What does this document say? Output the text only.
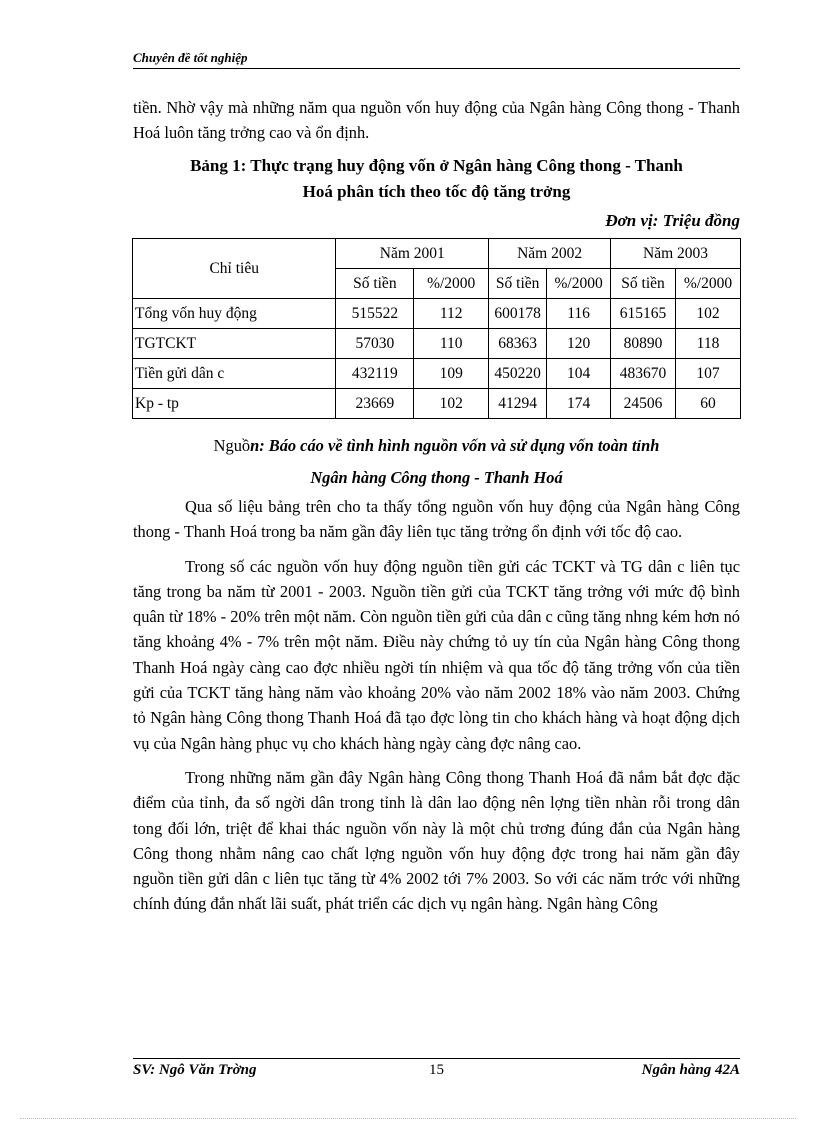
Chuyên đề tốt nghiệp

tiền. Nhờ vậy mà những năm qua nguồn vốn huy động của Ngân hàng Công thong - Thanh Hoá luôn tăng trởng cao và ổn định.

Bảng 1: Thực trạng huy động vốn ở Ngân hàng Công thong - Thanh
Hoá phân tích theo tốc độ tăng trởng
Đơn vị: Triệu đồng
Chỉ tiêu	Năm 2001		Năm 2002		Năm 2003	
	Số tiền	%/2000	Số tiền	%/2000	Số tiền	%/2000
Tổng vốn huy động	515522	112	600178	116	615165	102
TGTCKT	57030	110	68363	120	80890	118
Tiền gửi dân c	432119	109	450220	104	483670	107
Kp - tp	23669	102	41294	174	24506	60
Nguồn: Báo cáo về tình hình nguồn vốn và sử dụng vốn toàn tỉnh
Ngân hàng Công thong - Thanh Hoá

Qua số liệu bảng trên cho ta thấy tổng nguồn vốn huy động của Ngân hàng Công thong - Thanh Hoá trong ba năm gần đây liên tục tăng trởng ổn định với tốc độ cao.

Trong số các nguồn vốn huy động nguồn tiền gửi các TCKT và TG dân c liên tục tăng trong ba năm từ 2001 - 2003. Nguồn tiền gửi của TCKT tăng trởng với mức độ bình quân từ 18% - 20% trên một năm. Còn nguồn tiền gửi của dân c cũng tăng nhng kém hơn nó tăng khoảng 4% - 7% trên một năm. Điều này chứng tỏ uy tín của Ngân hàng Công thong Thanh Hoá ngày càng cao đợc nhiều ngời tín nhiệm và qua tốc độ tăng trởng vốn của tiền gửi của TCKT tăng hàng năm vào khoảng 20% vào năm 2002 18% vào năm 2003. Chứng tỏ Ngân hàng Công thong Thanh Hoá đã tạo đợc lòng tin cho khách hàng và hoạt động dịch vụ của Ngân hàng phục vụ cho khách hàng ngày càng đợc nâng cao.

Trong những năm gần đây Ngân hàng Công thong Thanh Hoá đã nắm bắt đợc đặc điểm của tỉnh, đa số ngời dân trong tỉnh là dân lao động nên lợng tiền nhàn rỗi trong dân tong đối lớn, triệt để khai thác nguồn vốn này là một chủ trơng đúng đắn của Ngân hàng Công thong nhằm nâng cao chất lợng nguồn vốn huy động đợc trong hai năm gần đây nguồn tiền gửi dân c liên tục tăng từ 4% 2002 tới 7% 2003. So với các năm trớc với những chính đúng đắn nhất lãi suất, phát triển các dịch vụ ngân hàng. Ngân hàng Công

SV: Ngô Văn Trờng	15	Ngân hàng 42A
